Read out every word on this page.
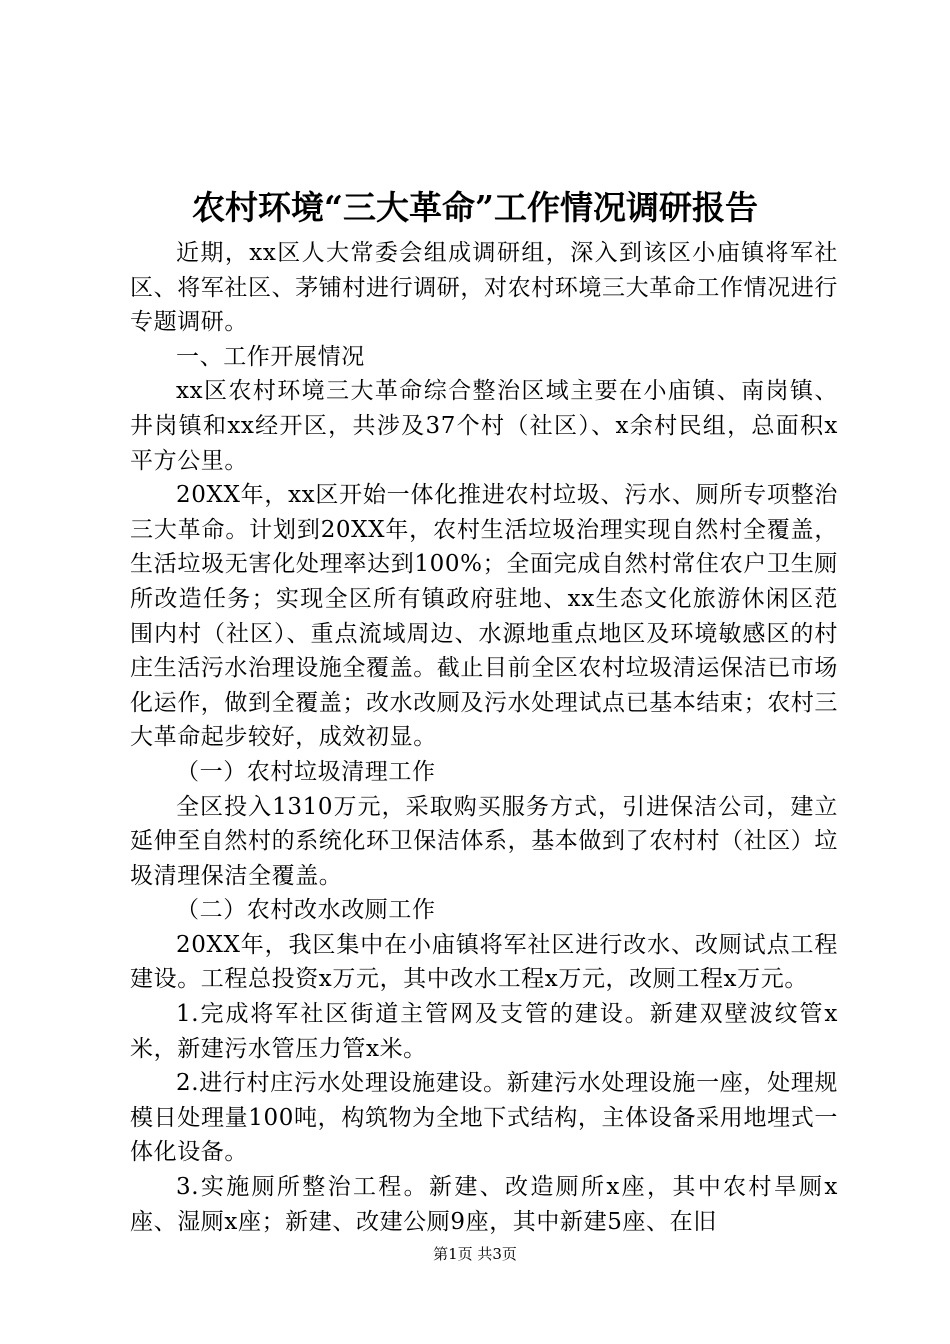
农村环境“三大革命”工作情况调研报告

近期，xx区人大常委会组成调研组，深入到该区小庙镇将军社区、将军社区、茅铺村进行调研，对农村环境三大革命工作情况进行专题调研。

一、工作开展情况

xx区农村环境三大革命综合整治区域主要在小庙镇、南岗镇、井岗镇和xx经开区，共涉及37个村（社区）、x余村民组，总面积x平方公里。

20XX年，xx区开始一体化推进农村垃圾、污水、厕所专项整治三大革命。计划到20XX年，农村生活垃圾治理实现自然村全覆盖，生活垃圾无害化处理率达到100%；全面完成自然村常住农户卫生厕所改造任务；实现全区所有镇政府驻地、xx生态文化旅游休闲区范围内村（社区）、重点流域周边、水源地重点地区及环境敏感区的村庄生活污水治理设施全覆盖。截止目前全区农村垃圾清运保洁已市场化运作，做到全覆盖；改水改厕及污水处理试点已基本结束；农村三大革命起步较好，成效初显。

（一）农村垃圾清理工作

全区投入1310万元，采取购买服务方式，引进保洁公司，建立延伸至自然村的系统化环卫保洁体系，基本做到了农村村（社区）垃圾清理保洁全覆盖。

（二）农村改水改厕工作

20XX年，我区集中在小庙镇将军社区进行改水、改厕试点工程建设。工程总投资x万元，其中改水工程x万元，改厕工程x万元。

1.完成将军社区街道主管网及支管的建设。新建双壁波纹管x米，新建污水管压力管x米。

2.进行村庄污水处理设施建设。新建污水处理设施一座，处理规模日处理量100吨，构筑物为全地下式结构，主体设备采用地埋式一体化设备。

3.实施厕所整治工程。新建、改造厕所x座，其中农村旱厕x座、湿厕x座；新建、改建公厕9座，其中新建5座、在旧

第1页 共3页
